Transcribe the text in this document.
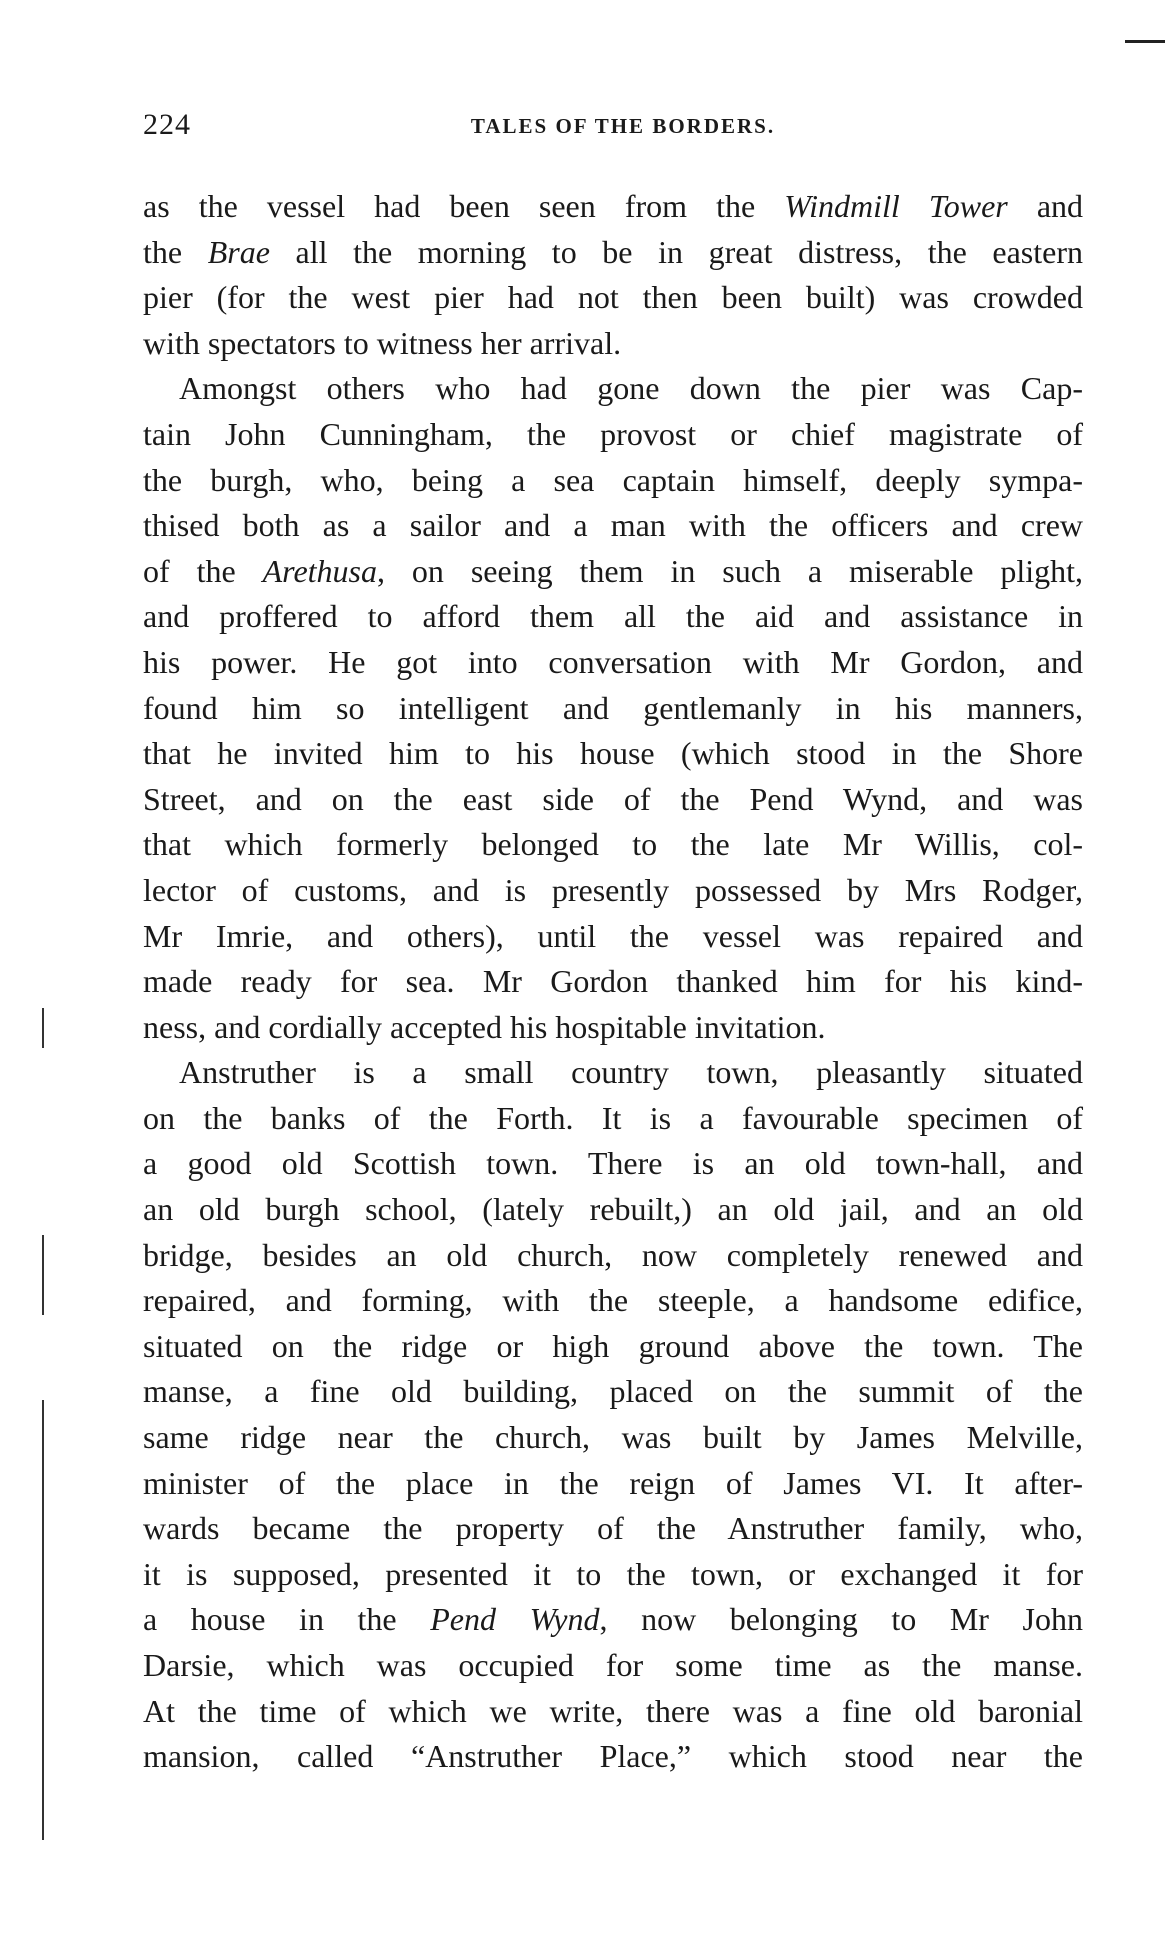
224	TALES OF THE BORDERS.
as the vessel had been seen from the Windmill Tower and
the Brae all the morning to be in great distress, the eastern
pier (for the west pier had not then been built) was crowded
with spectators to witness her arrival.
Amongst others who had gone down the pier was Cap-
tain John Cunningham, the provost or chief magistrate of
the burgh, who, being a sea captain himself, deeply sympa-
thised both as a sailor and a man with the officers and crew
of the Arethusa, on seeing them in such a miserable plight,
and proffered to afford them all the aid and assistance in
his power. He got into conversation with Mr Gordon, and
found him so intelligent and gentlemanly in his manners,
that he invited him to his house (which stood in the Shore
Street, and on the east side of the Pend Wynd, and was
that which formerly belonged to the late Mr Willis, col-
lector of customs, and is presently possessed by Mrs Rodger,
Mr Imrie, and others), until the vessel was repaired and
made ready for sea. Mr Gordon thanked him for his kind-
ness, and cordially accepted his hospitable invitation.
Anstruther is a small country town, pleasantly situated
on the banks of the Forth. It is a favourable specimen of
a good old Scottish town. There is an old town-hall, and
an old burgh school, (lately rebuilt,) an old jail, and an old
bridge, besides an old church, now completely renewed and
repaired, and forming, with the steeple, a handsome edifice,
situated on the ridge or high ground above the town. The
manse, a fine old building, placed on the summit of the
same ridge near the church, was built by James Melville,
minister of the place in the reign of James VI. It after-
wards became the property of the Anstruther family, who,
it is supposed, presented it to the town, or exchanged it for
a house in the Pend Wynd, now belonging to Mr John
Darsie, which was occupied for some time as the manse.
At the time of which we write, there was a fine old baronial
mansion, called “Anstruther Place,” which stood near the
